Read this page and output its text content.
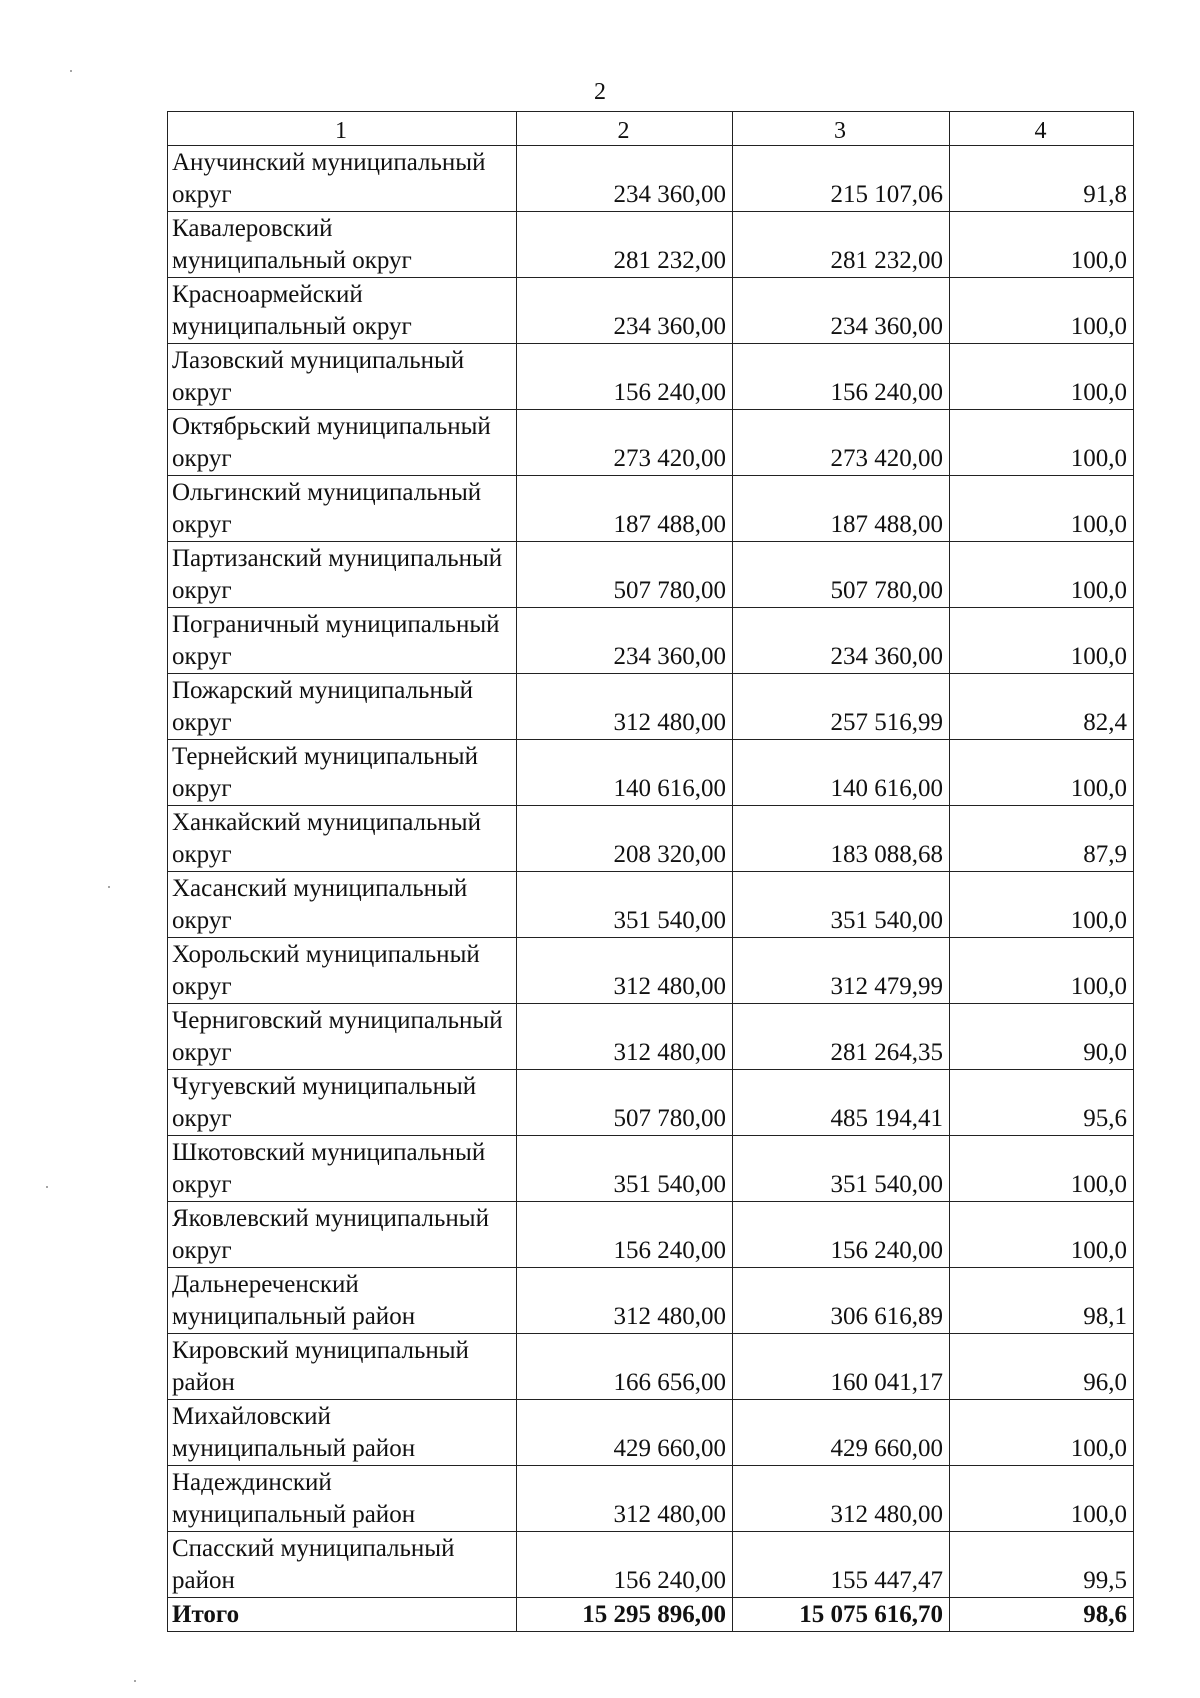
2
1	2	3	4
Анучинский муниципальный округ	234 360,00	215 107,06	91,8
Кавалеровский муниципальный округ	281 232,00	281 232,00	100,0
Красноармейский муниципальный округ	234 360,00	234 360,00	100,0
Лазовский муниципальный округ	156 240,00	156 240,00	100,0
Октябрьский муниципальный округ	273 420,00	273 420,00	100,0
Ольгинский муниципальный округ	187 488,00	187 488,00	100,0
Партизанский муниципальный округ	507 780,00	507 780,00	100,0
Пограничный муниципальный округ	234 360,00	234 360,00	100,0
Пожарский муниципальный округ	312 480,00	257 516,99	82,4
Тернейский муниципальный округ	140 616,00	140 616,00	100,0
Ханкайский муниципальный округ	208 320,00	183 088,68	87,9
Хасанский муниципальный округ	351 540,00	351 540,00	100,0
Хорольский муниципальный округ	312 480,00	312 479,99	100,0
Черниговский муниципальный округ	312 480,00	281 264,35	90,0
Чугуевский муниципальный округ	507 780,00	485 194,41	95,6
Шкотовский муниципальный округ	351 540,00	351 540,00	100,0
Яковлевский муниципальный округ	156 240,00	156 240,00	100,0
Дальнереченский муниципальный район	312 480,00	306 616,89	98,1
Кировский муниципальный район	166 656,00	160 041,17	96,0
Михайловский муниципальный район	429 660,00	429 660,00	100,0
Надеждинский муниципальный район	312 480,00	312 480,00	100,0
Спасский муниципальный район	156 240,00	155 447,47	99,5
Итого	15 295 896,00	15 075 616,70	98,6
